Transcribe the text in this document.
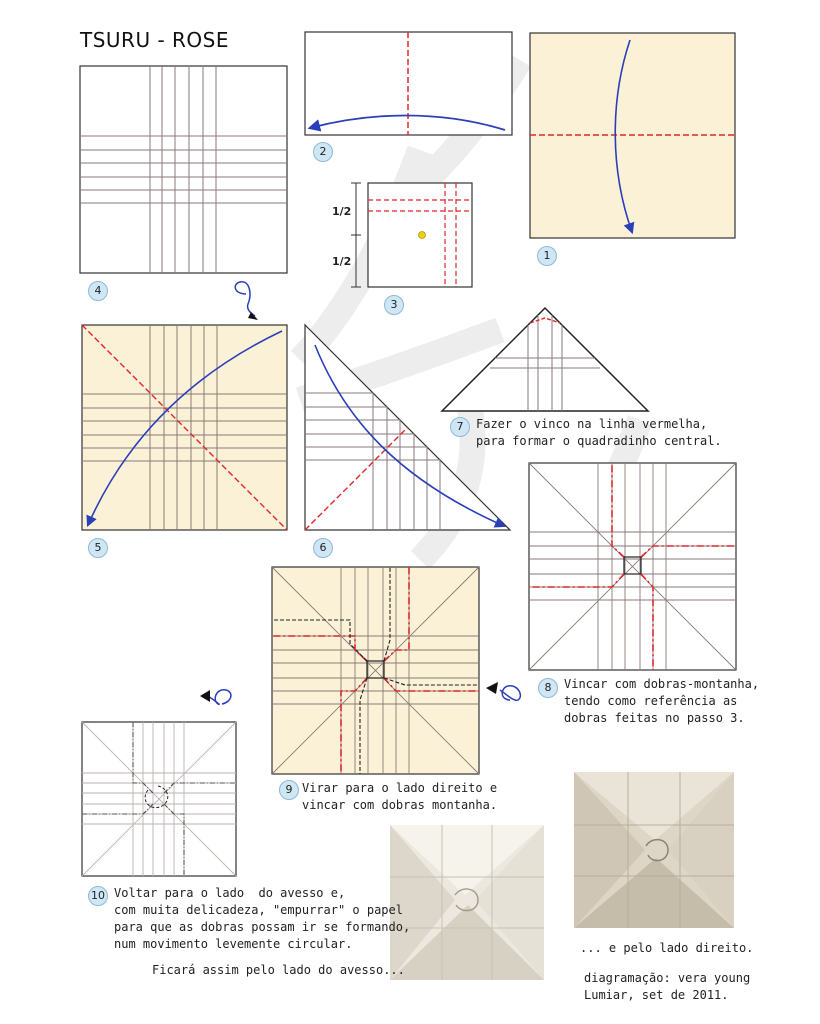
TSURU - ROSE
1
2
3
4
5	6
7
8
9
10
1/2
1/2
Fazer o vinco na linha vermelha,
para formar o quadradinho central.
Vincar com dobras-montanha,
tendo como referência as
dobras feitas no passo 3.
Virar para o lado direito e
vincar com dobras montanha.
Voltar para o lado  do avesso e,
com muita delicadeza, "empurrar" o papel
para que as dobras possam ir se formando,
num movimento levemente circular.
Ficará assim pelo lado do avesso...
... e pelo lado direito.
diagramação: vera young
Lumiar, set de 2011.
